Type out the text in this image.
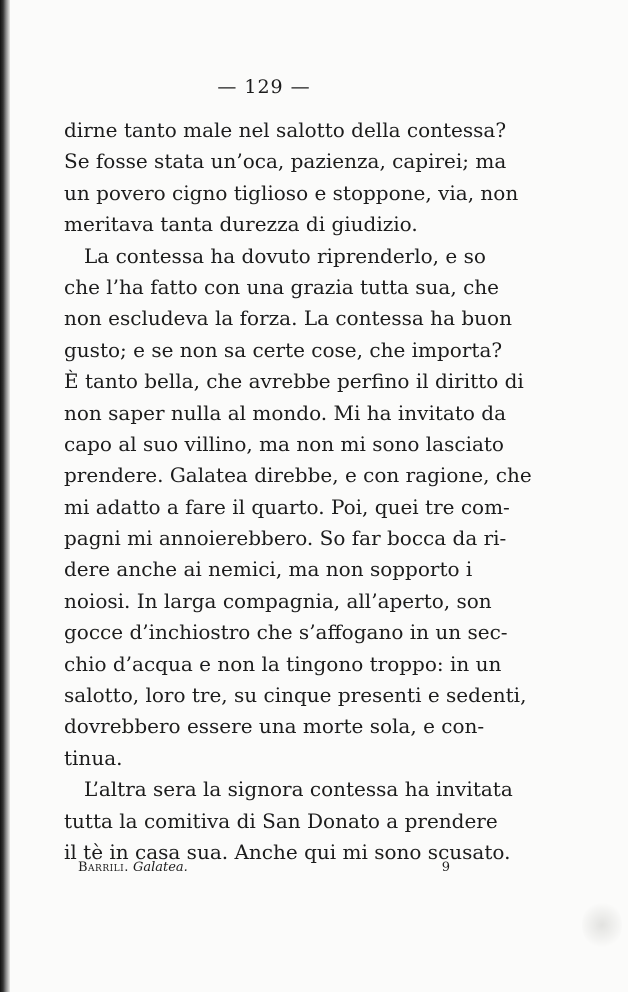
— 129 —
dirne tanto male nel salotto della contessa?
Se fosse stata un’oca, pazienza, capirei; ma
un povero cigno tiglioso e stoppone, via, non
meritava tanta durezza di giudizio.
La contessa ha dovuto riprenderlo, e so
che l’ha fatto con una grazia tutta sua, che
non escludeva la forza. La contessa ha buon
gusto; e se non sa certe cose, che importa?
È tanto bella, che avrebbe perfino il diritto di
non saper nulla al mondo. Mi ha invitato da
capo al suo villino, ma non mi sono lasciato
prendere. Galatea direbbe, e con ragione, che
mi adatto a fare il quarto. Poi, quei tre com-
pagni mi annoierebbero. So far bocca da ri-
dere anche ai nemici, ma non sopporto i
noiosi. In larga compagnia, all’aperto, son
gocce d’inchiostro che s’affogano in un sec-
chio d’acqua e non la tingono troppo: in un
salotto, loro tre, su cinque presenti e sedenti,
dovrebbero essere una morte sola, e con-
tinua.
L’altra sera la signora contessa ha invitata
tutta la comitiva di San Donato a prendere
il tè in casa sua. Anche qui mi sono scusato.
Barrili. Galatea.	9
